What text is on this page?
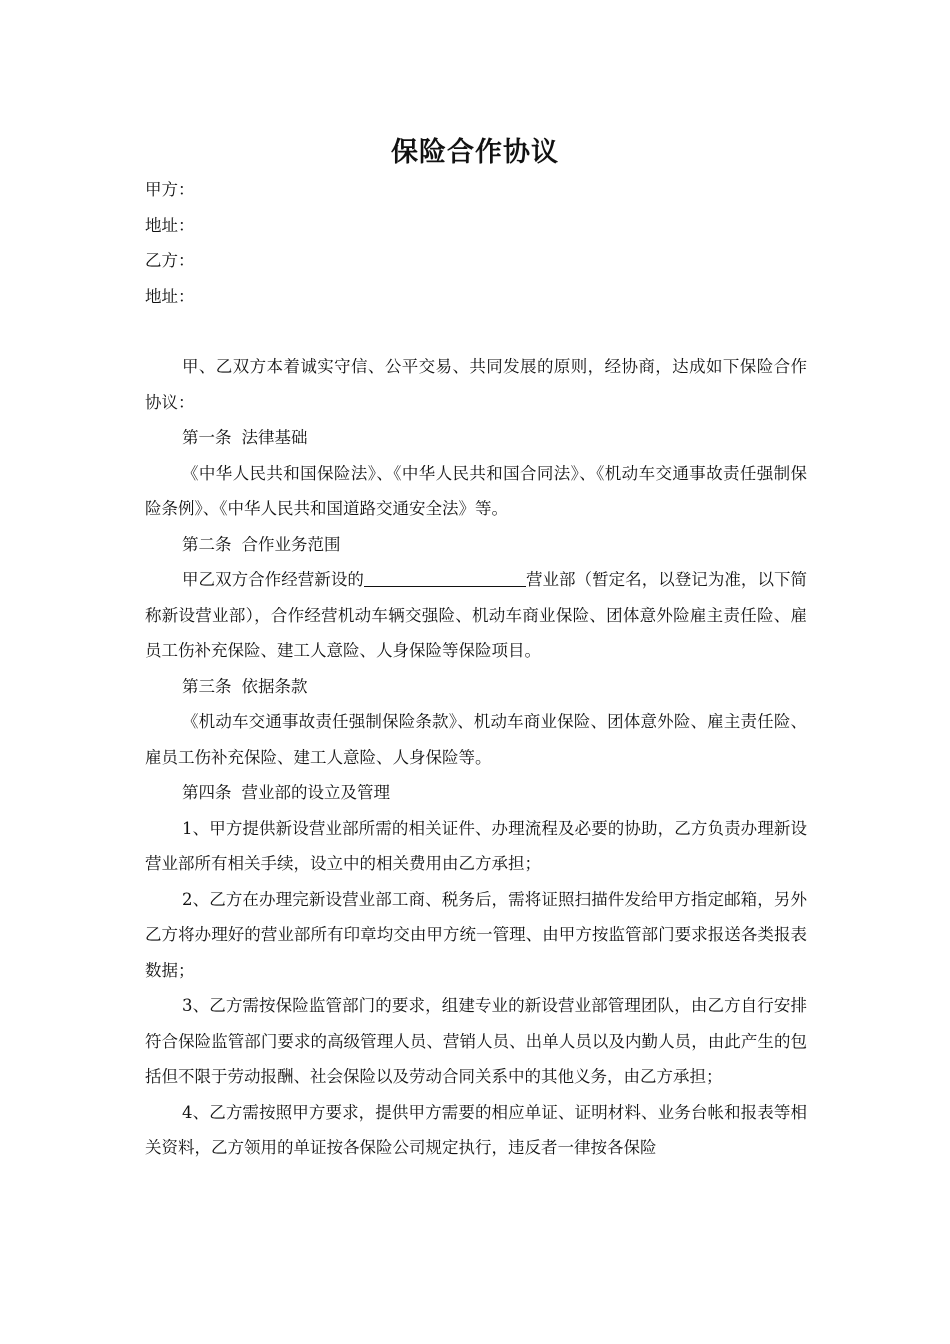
保险合作协议

甲方：

地址：

乙方：

地址：

甲、乙双方本着诚实守信、公平交易、共同发展的原则，经协商，达成如下保险合作协议：

第一条 法律基础

《中华人民共和国保险法》、《中华人民共和国合同法》、《机动车交通事故责任强制保险条例》、《中华人民共和国道路交通安全法》等。

第二条 合作业务范围

甲乙双方合作经营新设的	营业部（暂定名，以登记为准，以下简称新设营业部），合作经营机动车辆交强险、机动车商业保险、团体意外险雇主责任险、雇员工伤补充保险、建工人意险、人身保险等保险项目。

第三条 依据条款

《机动车交通事故责任强制保险条款》、机动车商业保险、团体意外险、雇主责任险、雇员工伤补充保险、建工人意险、人身保险等。

第四条 营业部的设立及管理

1、甲方提供新设营业部所需的相关证件、办理流程及必要的协助，乙方负责办理新设营业部所有相关手续，设立中的相关费用由乙方承担；

2、乙方在办理完新设营业部工商、税务后，需将证照扫描件发给甲方指定邮箱，另外乙方将办理好的营业部所有印章均交由甲方统一管理、由甲方按监管部门要求报送各类报表数据；

3、乙方需按保险监管部门的要求，组建专业的新设营业部管理团队，由乙方自行安排符合保险监管部门要求的高级管理人员、营销人员、出单人员以及内勤人员，由此产生的包括但不限于劳动报酬、社会保险以及劳动合同关系中的其他义务，由乙方承担；

4、乙方需按照甲方要求，提供甲方需要的相应单证、证明材料、业务台帐和报表等相关资料，乙方领用的单证按各保险公司规定执行，违反者一律按各保险
